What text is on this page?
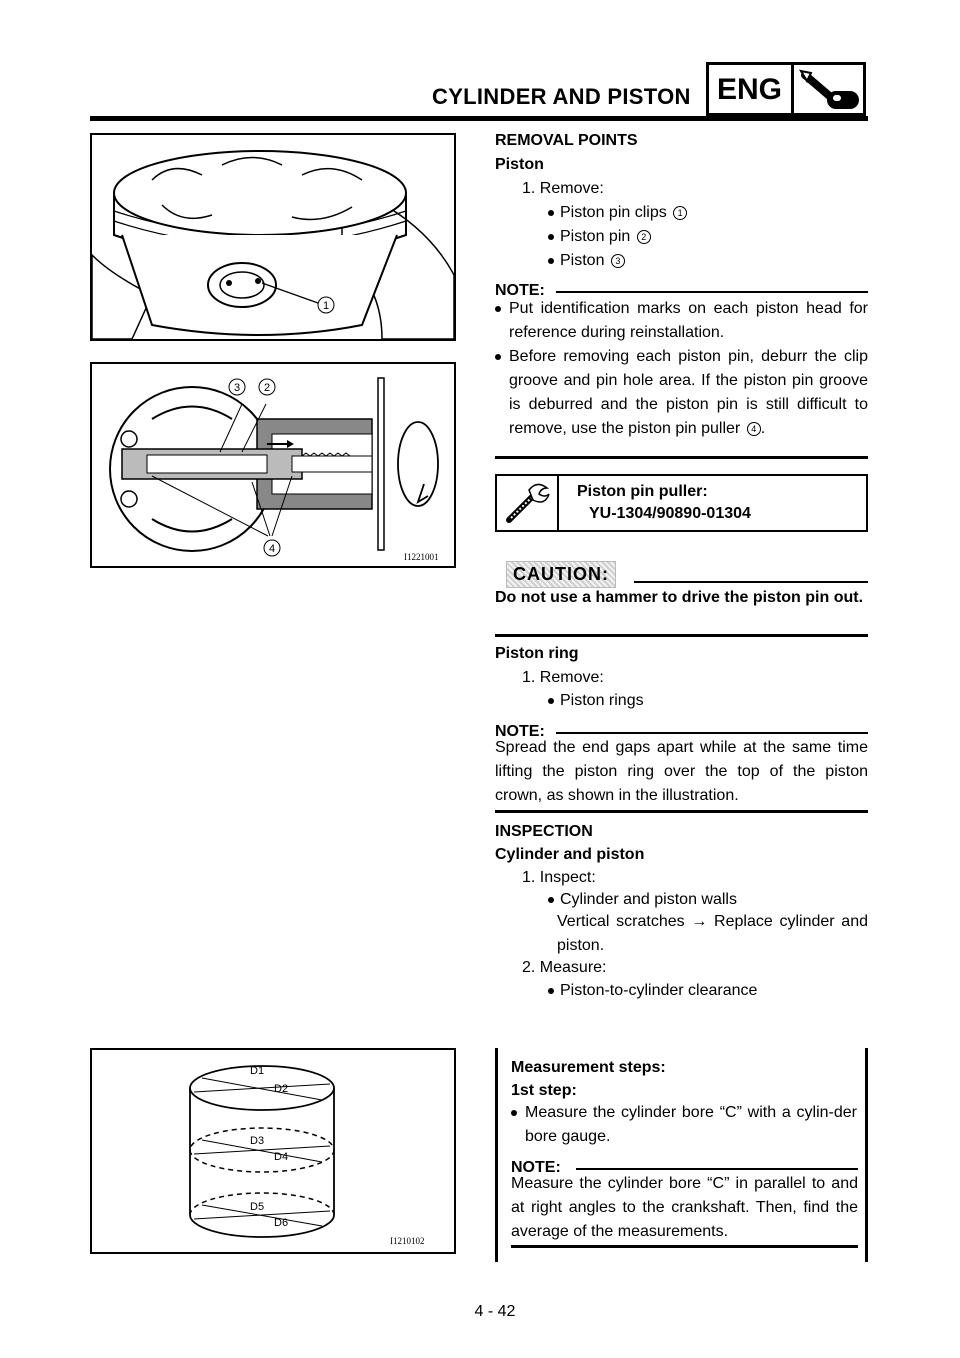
CYLINDER AND PISTON ENG
1
3 2
4
I1221001
D1
D2
D3
D4
D5
D6
I1210102
REMOVAL POINTS
Piston
1. Remove:
Piston pin clips 1
Piston pin 2
Piston 3
NOTE:
Put identification marks on each piston head for reference during reinstallation.
Before removing each piston pin, deburr the clip groove and pin hole area. If the piston pin groove is deburred and the piston pin is still difficult to remove, use the piston pin puller 4 .
Piston pin puller:
YU-1304/90890-01304
CAUTION:
Do not use a hammer to drive the piston pin out.
Piston ring
1. Remove:
Piston rings
NOTE:
Spread the end gaps apart while at the same time lifting the piston ring over the top of the piston crown, as shown in the illustration.
INSPECTION
Cylinder and piston
1. Inspect:
Cylinder and piston walls
Vertical scratches → Replace cylinder and piston.
2. Measure:
Piston-to-cylinder clearance
Measurement steps:
1st step:
Measure the cylinder bore “C” with a cylin-der bore gauge.
NOTE:
Measure the cylinder bore “C” in parallel to and at right angles to the crankshaft. Then, find the average of the measurements.
4 - 42
